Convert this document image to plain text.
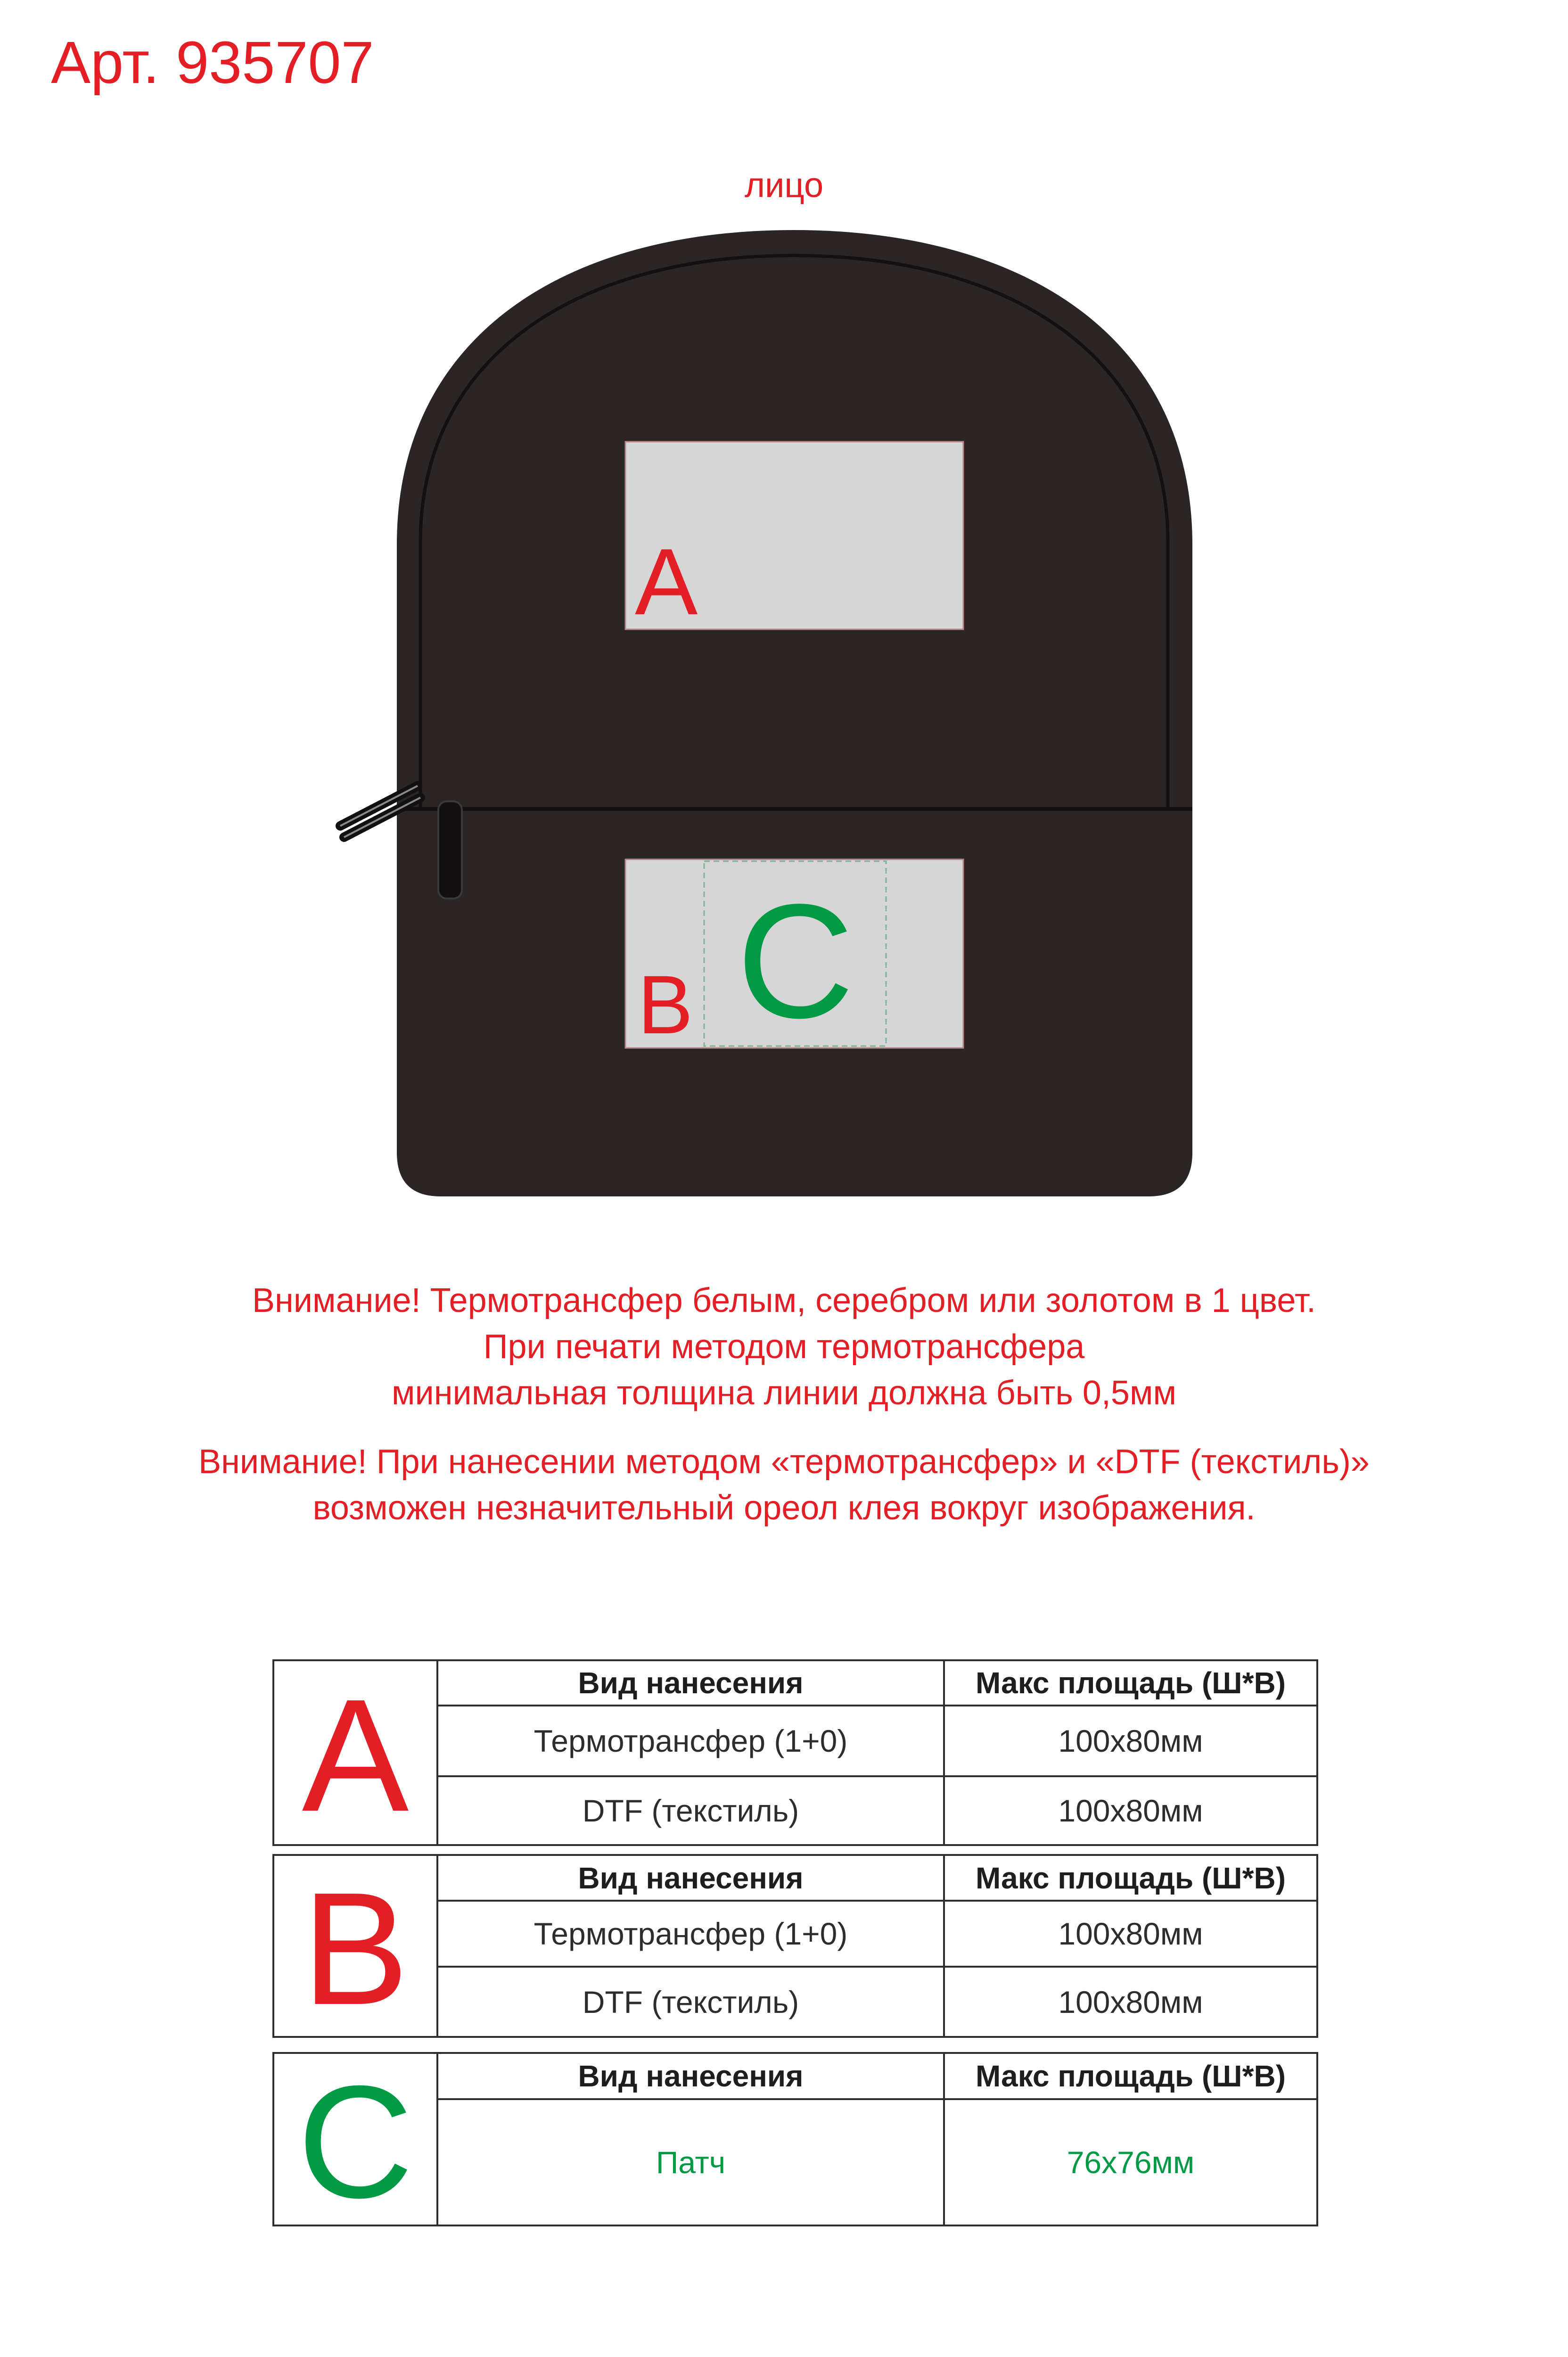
Арт. 935707
лицо
A
B C
Внимание! Термотрансфер белым, серебром или золотом в 1 цвет.
При печати методом термотрансфера
минимальная толщина линии должна быть 0,5мм
Внимание! При нанесении методом «термотрансфер» и «DTF (текстиль)»
возможен незначительный ореол клея вокруг изображения.
A	Вид нанесения	Макс площадь (Ш*В)
Термотрансфер (1+0)	100х80мм
DTF (текстиль)	100х80мм
B	Вид нанесения	Макс площадь (Ш*В)
Термотрансфер (1+0)	100х80мм
DTF (текстиль)	100х80мм
C	Вид нанесения	Макс площадь (Ш*В)
Патч	76х76мм
